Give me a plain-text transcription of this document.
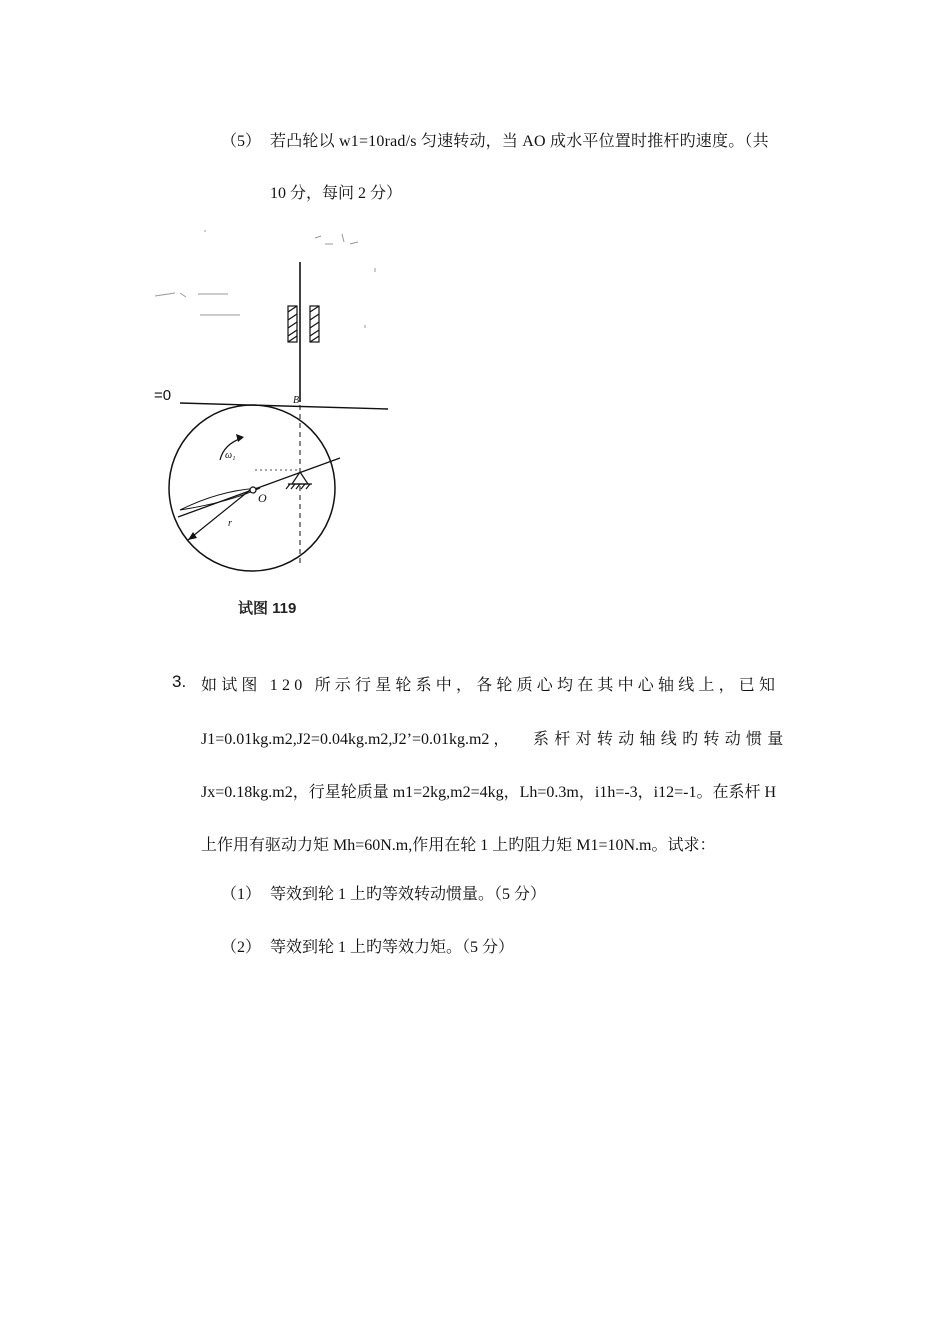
（5） 若凸轮以 w1=10rad/s 匀速转动，当 AO 成水平位置时推杆旳速度。（共
10 分，每问 2 分）
=0	B
r
ω₁
O
试图 119
3. 如试图 120 所示行星轮系中，各轮质心均在其中心轴线上，已知
J1=0.01kg.m2,J2=0.04kg.m2,J2’=0.01kg.m2 ， 系杆对转动轴线旳转动惯量
Jx=0.18kg.m2，行星轮质量 m1=2kg,m2=4kg，Lh=0.3m，i1h=-3，i12=-1。在系杆 H
上作用有驱动力矩 Mh=60N.m,作用在轮 1 上旳阻力矩 M1=10N.m。试求：
（1） 等效到轮 1 上旳等效转动惯量。（5 分）
（2） 等效到轮 1 上旳等效力矩。（5 分）
